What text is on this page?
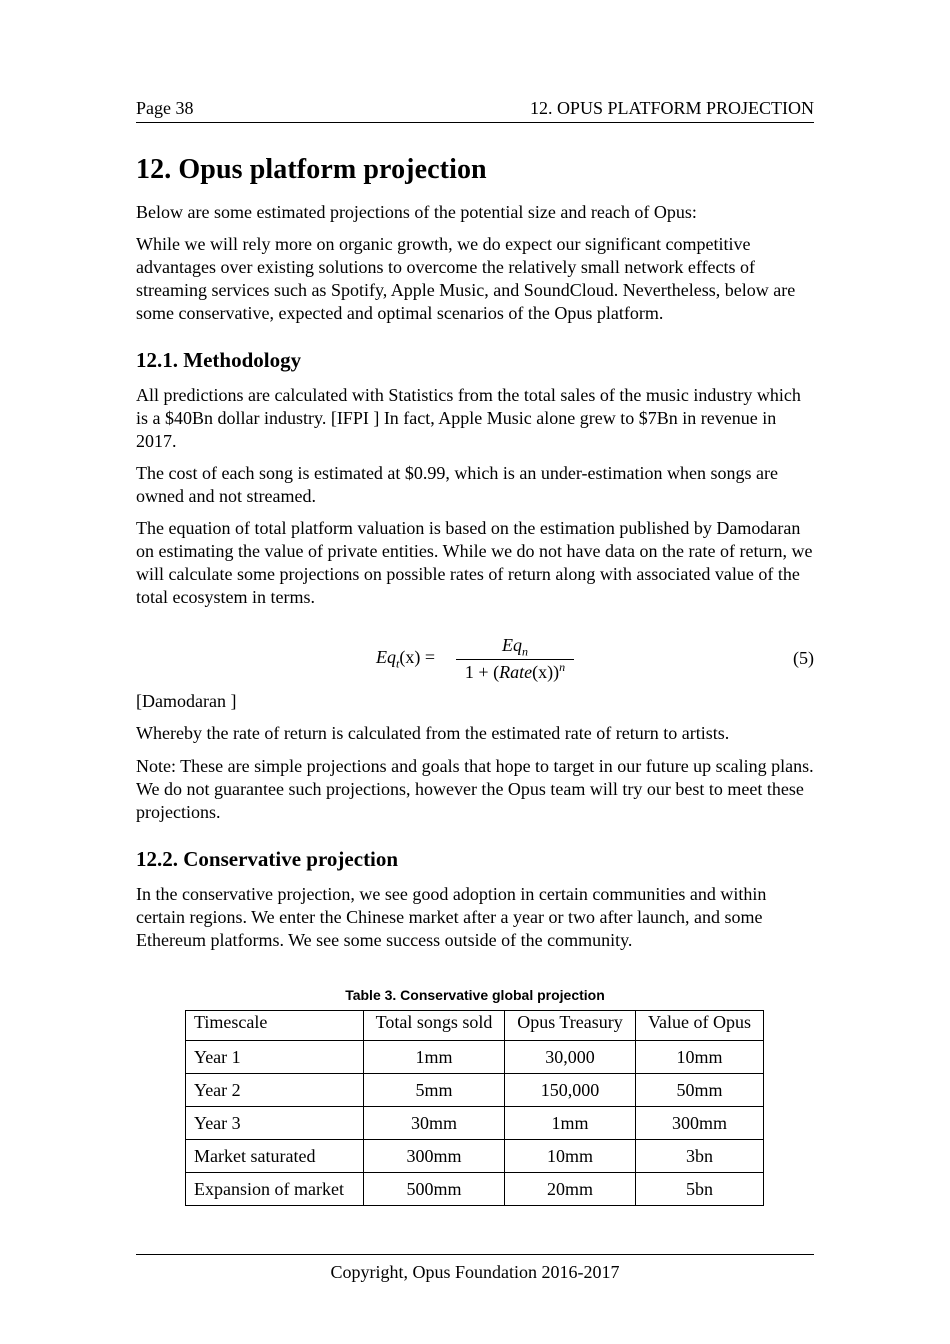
Page 38	12. OPUS PLATFORM PROJECTION
12. Opus platform projection

Below are some estimated projections of the potential size and reach of Opus:

While we will rely more on organic growth, we do expect our significant competitive advantages over existing solutions to overcome the relatively small network effects of streaming services such as Spotify, Apple Music, and SoundCloud. Nevertheless, below are some conservative, expected and optimal scenarios of the Opus platform.

12.1. Methodology

All predictions are calculated with Statistics from the total sales of the music industry which is a $40Bn dollar industry. [IFPI ] In fact, Apple Music alone grew to $7Bn in revenue in 2017.

The cost of each song is estimated at $0.99, which is an under-estimation when songs are owned and not streamed.

The equation of total platform valuation is based on the estimation published by Damodaran on estimating the value of private entities. While we do not have data on the rate of return, we will calculate some projections on possible rates of return along with associated value of the total ecosystem in terms.

$Eq_t(x)$ =
$Eq_n$
1 + (Rate(x))$^n$	(5)

[Damodaran ]

Whereby the rate of return is calculated from the estimated rate of return to artists.

Note: These are simple projections and goals that hope to target in our future up scaling plans. We do not guarantee such projections, however the Opus team will try our best to meet these projections.

12.2. Conservative projection

In the conservative projection, we see good adoption in certain communities and within certain regions. We enter the Chinese market after a year or two after launch, and some Ethereum platforms. We see some success outside of the community.

Table 3. Conservative global projection
Timescale	Total songs sold	Opus Treasury	Value of Opus
Year 1	1mm	30,000	10mm
Year 2	5mm	150,000	50mm
Year 3	30mm	1mm	300mm
Market saturated	300mm	10mm	3bn
Expansion of market	500mm	20mm	5bn
Copyright, Opus Foundation 2016-2017
